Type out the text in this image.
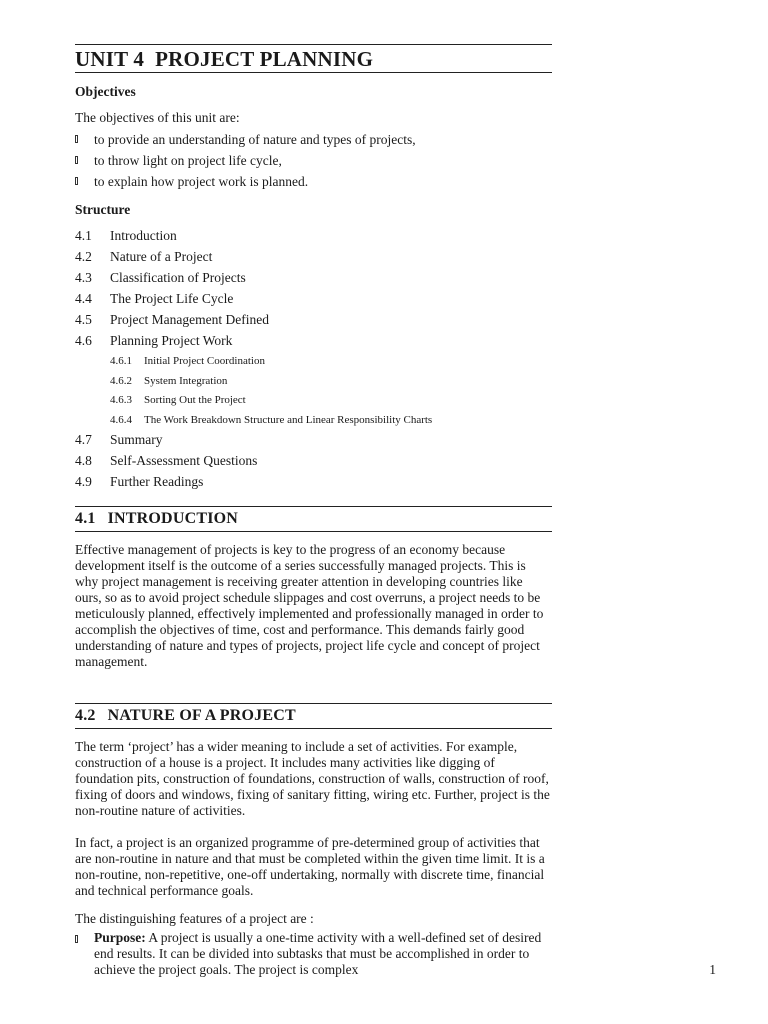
UNIT 4 PROJECT PLANNING
Objectives
The objectives of this unit are:
to provide an understanding of nature and types of projects,
to throw light on project life cycle,
to explain how project work is planned.
Structure
4.1	Introduction
4.2	Nature of a Project
4.3	Classification of Projects
4.4	The Project Life Cycle
4.5	Project Management Defined
4.6	Planning Project Work
4.6.1	Initial Project Coordination
4.6.2	System Integration
4.6.3	Sorting Out the Project
4.6.4	The Work Breakdown Structure and Linear Responsibility Charts
4.7	Summary
4.8	Self-Assessment Questions
4.9	Further Readings
4.1 INTRODUCTION

Effective management of projects is key to the progress of an economy because development itself is the outcome of a series successfully managed projects. This is why project management is receiving greater attention in developing countries like ours, so as to avoid project schedule slippages and cost overruns, a project needs to be meticulously planned, effectively implemented and professionally managed in order to accomplish the objectives of time, cost and performance. This demands fairly good understanding of nature and types of projects, project life cycle and concept of project management.

4.2 NATURE OF A PROJECT

The term ‘project’ has a wider meaning to include a set of activities. For example, construction of a house is a project. It includes many activities like digging of foundation pits, construction of foundations, construction of walls, construction of roof, fixing of doors and windows, fixing of sanitary fitting, wiring etc. Further, project is the non-routine nature of activities.

In fact, a project is an organized programme of pre-determined group of activities that are non-routine in nature and that must be completed within the given time limit. It is a non-routine, non-repetitive, one-off undertaking, normally with discrete time, financial and technical performance goals.

The distinguishing features of a project are :

Purpose: A project is usually a one-time activity with a well-defined set of desired end results. It can be divided into subtasks that must be accomplished in order to achieve the project goals. The project is complex	1
